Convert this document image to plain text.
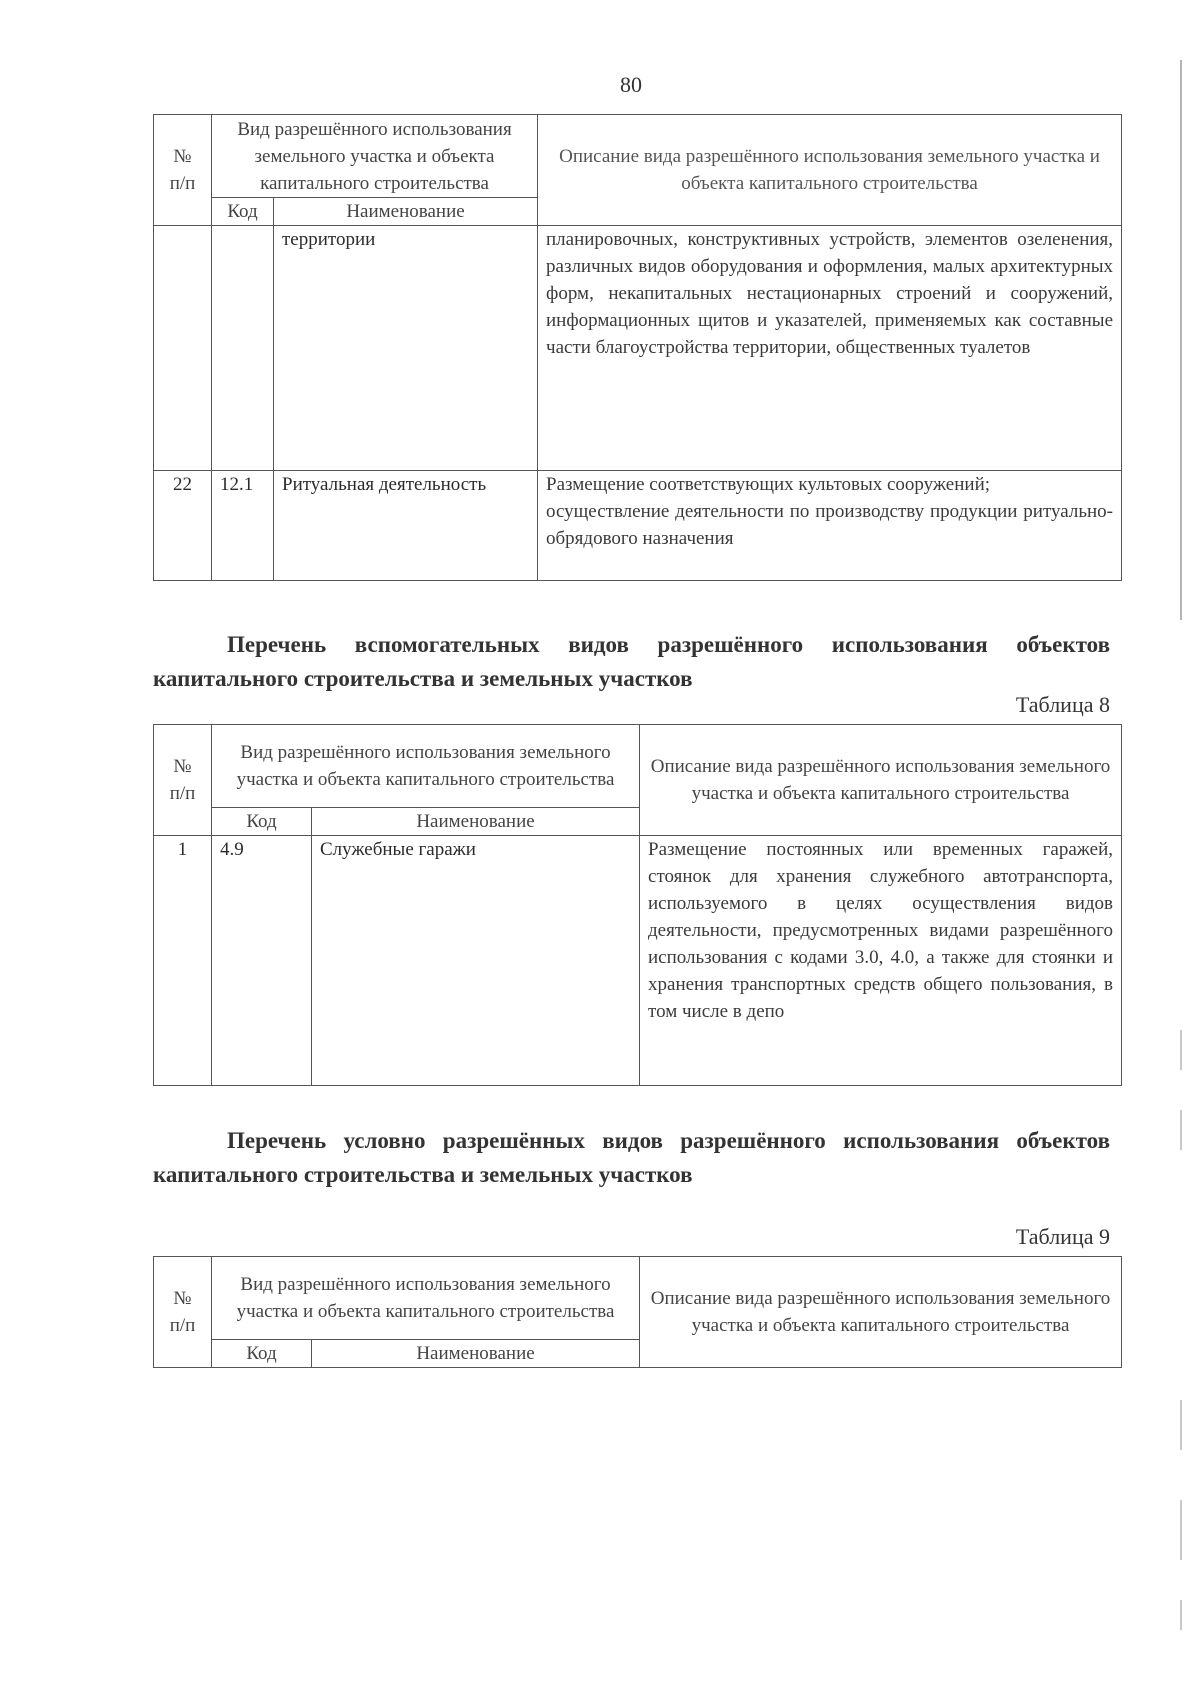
80
№ п/п	Вид разрешённого использования земельного участка и объекта капитального строительства		Описание вида разрешённого использования земельного участка и объекта капитального строительства
	Код	Наименование	
		территории	планировочных, конструктивных устройств, элементов озеленения, различных видов оборудования и оформления, малых архитектурных форм, некапитальных нестационарных строений и сооружений, информационных щитов и указателей, применяемых как составные части благоустройства территории, общественных туалетов
22	12.1	Ритуальная деятельность	Размещение соответствующих культовых сооружений;
осуществление деятельности по производству продукции ритуально-обрядового назначения
Перечень вспомогательных видов разрешённого использования объектов капитального строительства и земельных участков
Таблица 8
№ п/п	Вид разрешённого использования земельного участка и объекта капитального строительства		Описание вида разрешённого использования земельного участка и объекта капитального строительства
	Код	Наименование	
1	4.9	Служебные гаражи	Размещение постоянных или временных гаражей, стоянок для хранения служебного автотранспорта, используемого в целях осуществления видов деятельности, предусмотренных видами разрешённого использования с кодами 3.0, 4.0, а также для стоянки и хранения транспортных средств общего пользования, в том числе в депо
Перечень условно разрешённых видов разрешённого использования объектов капитального строительства и земельных участков
Таблица 9
№ п/п	Вид разрешённого использования земельного участка и объекта капитального строительства		Описание вида разрешённого использования земельного участка и объекта капитального строительства
	Код	Наименование	
